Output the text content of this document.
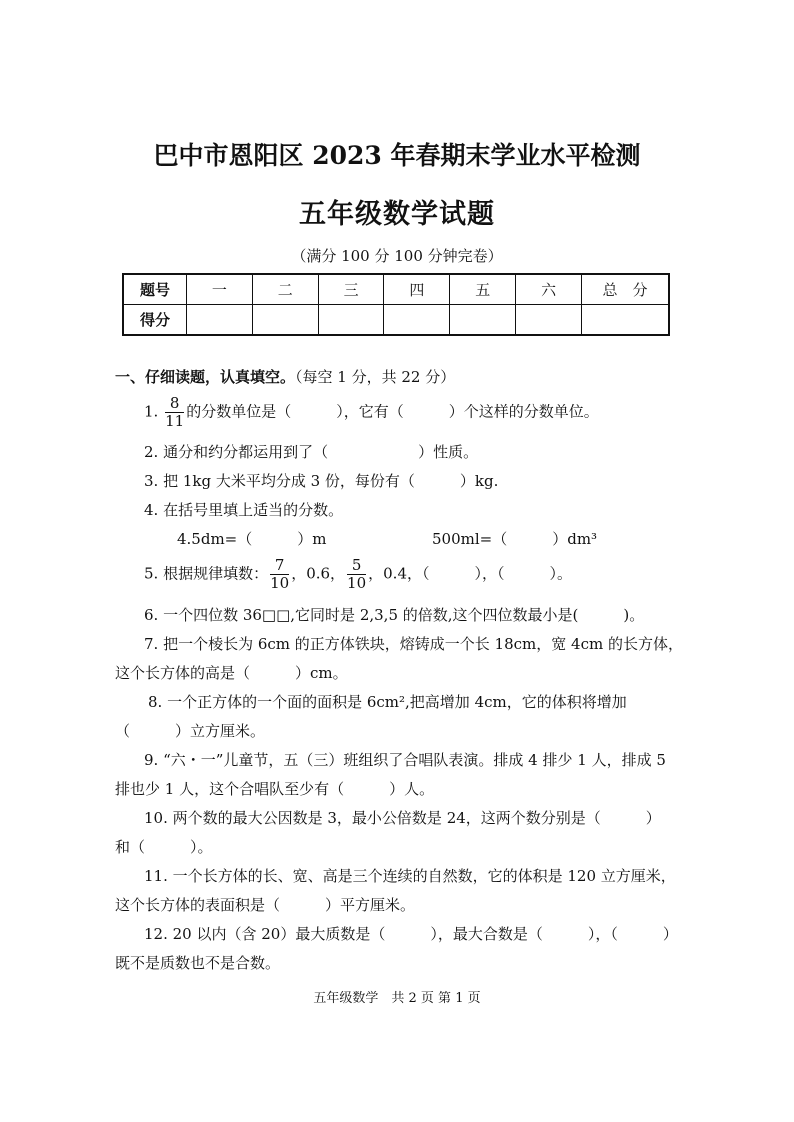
巴中市恩阳区 2023 年春期末学业水平检测
五年级数学试题
（满分 100 分 100 分钟完卷）
题号	一	二	三	四	五	六	总　分
得分							
一、仔细读题，认真填空。（每空 1 分，共 22 分）
1. $\frac{8}{11}$ 的分数单位是（　　　），它有（　　　）个这样的分数单位。
2. 通分和约分都运用到了（　　　　　　）性质。
3. 把 1kg 大米平均分成 3 份，每份有（　　　）kg.
4. 在括号里填上适当的分数。
4.5dm=（　　　）m	500ml=（　　　）dm³
5. 根据规律填数： $\frac{7}{10}$ ，0.6， $\frac{5}{10}$ ，0.4，（　　　），（　　　）。
6. 一个四位数 36□□,它同时是 2,3,5 的倍数,这个四位数最小是(　　　)。
7. 把一个棱长为 6cm 的正方体铁块，熔铸成一个长 18cm，宽 4cm 的长方体，
这个长方体的高是（　　　）cm。
8. 一个正方体的一个面的面积是 6cm²,把高增加 4cm，它的体积将增加
（　　　）立方厘米。
9. “六・一”儿童节，五（三）班组织了合唱队表演。排成 4 排少 1 人，排成 5
排也少 1 人，这个合唱队至少有（　　　）人。
10. 两个数的最大公因数是 3，最小公倍数是 24，这两个数分别是（　　　）
和（　　　）。
11. 一个长方体的长、宽、高是三个连续的自然数，它的体积是 120 立方厘米，
这个长方体的表面积是（　　　）平方厘米。
12. 20 以内（含 20）最大质数是（　　　），最大合数是（　　　），（　　　）
既不是质数也不是合数。
五年级数学　共 2 页 第 1 页
